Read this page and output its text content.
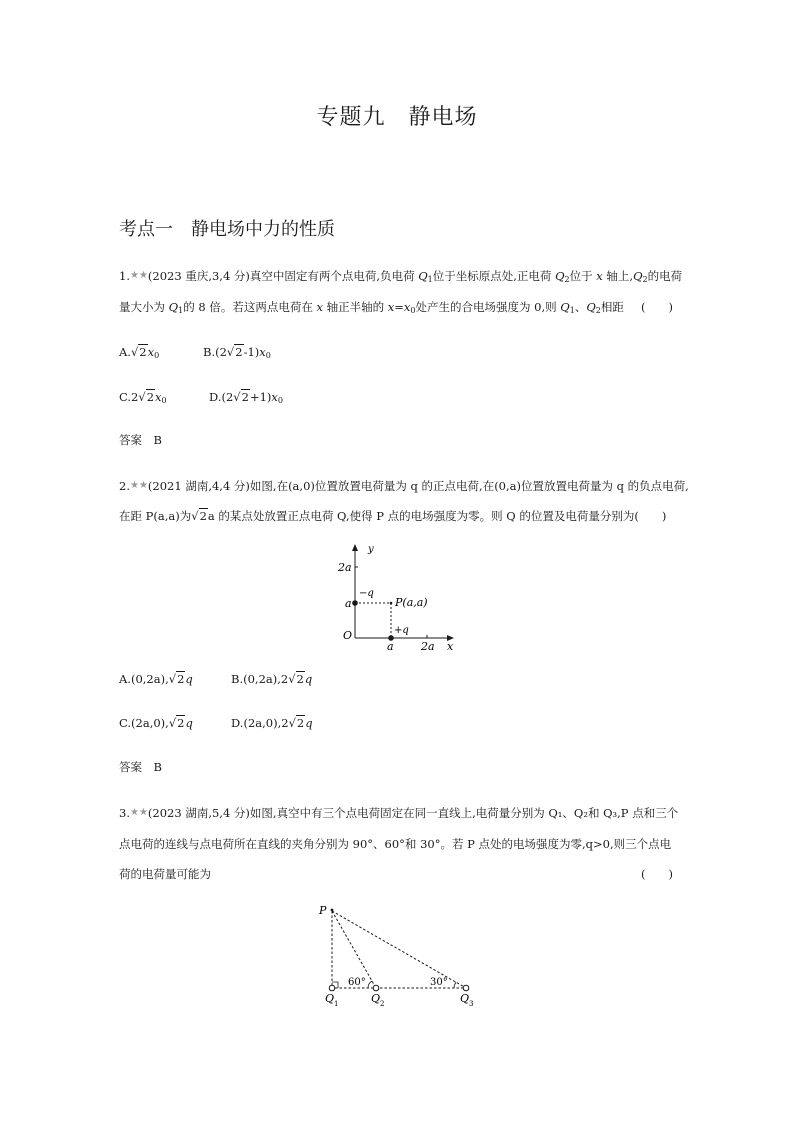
专题九　静电场
考点一　静电场中力的性质
1.★★(2023 重庆,3,4 分)真空中固定有两个点电荷,负电荷 $Q_1$位于坐标原点处,正电荷 $Q_2$位于 x 轴上$,Q_2$的电荷
量大小为 $Q_1$的 8 倍。若这两点电荷在 x 轴正半轴的 $x=x_0$处产生的合电场强度为 0,则 $Q_1$、$Q_2$相距 (　　)
$A.√2x_0$	$B.(2√2-1)x_0$
$C.2√2x_0$	$D.(2√2+1)x_0$
答案　B
2.★★(2021 湖南,4,4 分)如图,在(a,0)位置放置电荷量为 q 的正点电荷,在(0,a)位置放置电荷量为 q 的负点电荷,
在距 P(a,a)为√2a 的某点处放置正点电荷 Q,使得 P 点的电场强度为零。则 Q 的位置及电荷量分别为(　　)
y
2a
−q
a	P(a,a)
+q
O
a 2a x
A.(0,2a),√2q	B.(0,2a),2√2q
C.(2a,0),√2q	D.(2a,0),2√2q
答案　B
3.★★(2023 湖南,5,4 分)如图,真空中有三个点电荷固定在同一直线上,电荷量分别为 Q₁、Q₂和 Q₃,P 点和三个
点电荷的连线与点电荷所在直线的夹角分别为 90°、60°和 30°。若 P 点处的电场强度为零,q>0,则三个点电
荷的电荷量可能为	(　　)
P
60°	30°
Q 1	Q 2	Q 3
